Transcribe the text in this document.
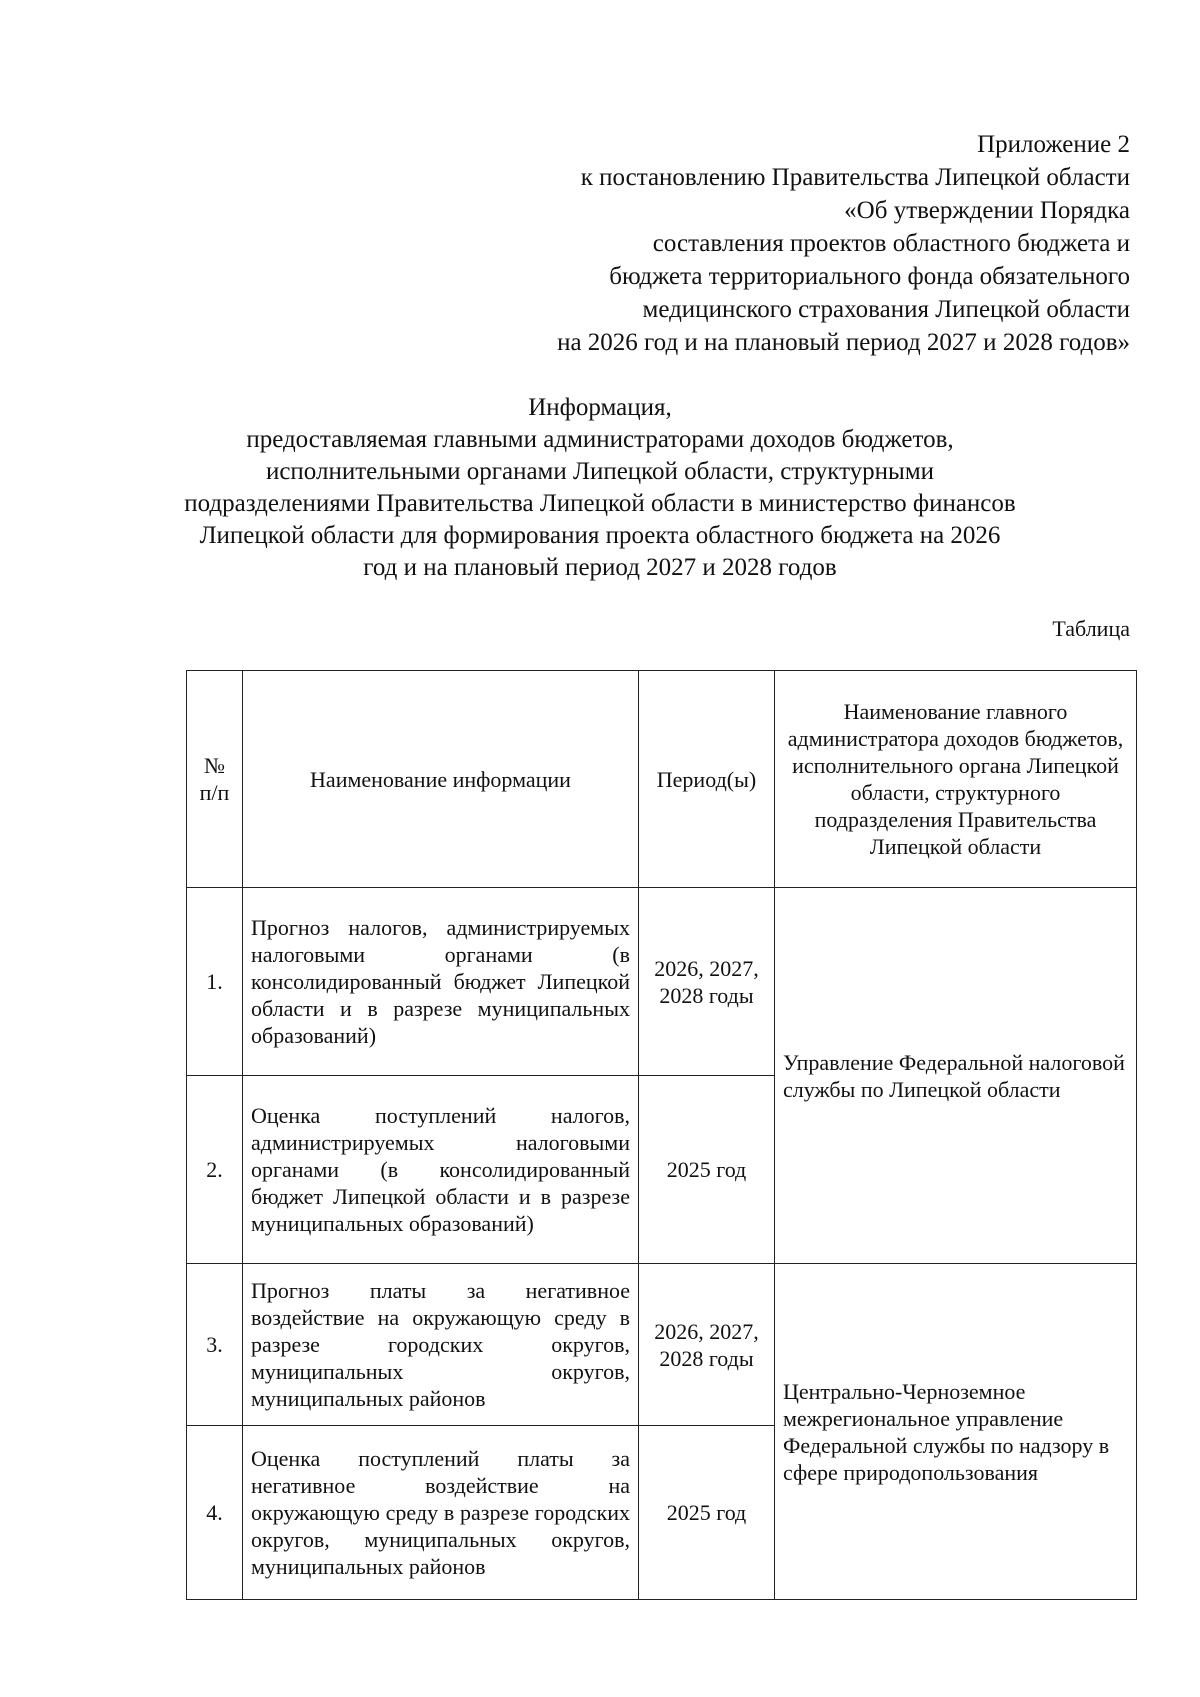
Приложение 2
к постановлению Правительства Липецкой области
«Об утверждении Порядка
составления проектов областного бюджета и
бюджета территориального фонда обязательного
медицинского страхования Липецкой области
на 2026 год и на плановый период 2027 и 2028 годов»
Информация,
предоставляемая главными администраторами доходов бюджетов,
исполнительными органами Липецкой области, структурными
подразделениями Правительства Липецкой области в министерство финансов
Липецкой области для формирования проекта областного бюджета на 2026
год и на плановый период 2027 и 2028 годов
Таблица
№ п/п	Наименование информации	Период(ы)	Наименование главного администратора доходов бюджетов, исполнительного органа Липецкой области, структурного подразделения Правительства Липецкой области
1.	Прогноз налогов, администрируемых налоговыми органами (в консолидированный бюджет Липецкой области и в разрезе муниципальных образований)	2026, 2027, 2028 годы	Управление Федеральной налоговой службы по Липецкой области
2.	Оценка поступлений налогов, администрируемых налоговыми органами (в консолидированный бюджет Липецкой области и в разрезе муниципальных образований)	2025 год	
3.	Прогноз платы за негативное воздействие на окружающую среду в разрезе городских округов, муниципальных округов, муниципальных районов	2026, 2027, 2028 годы	Центрально-Черноземное межрегиональное управление Федеральной службы по надзору в сфере природопользования
4.	Оценка поступлений платы за негативное воздействие на окружающую среду в разрезе городских округов, муниципальных округов, муниципальных районов	2025 год	
